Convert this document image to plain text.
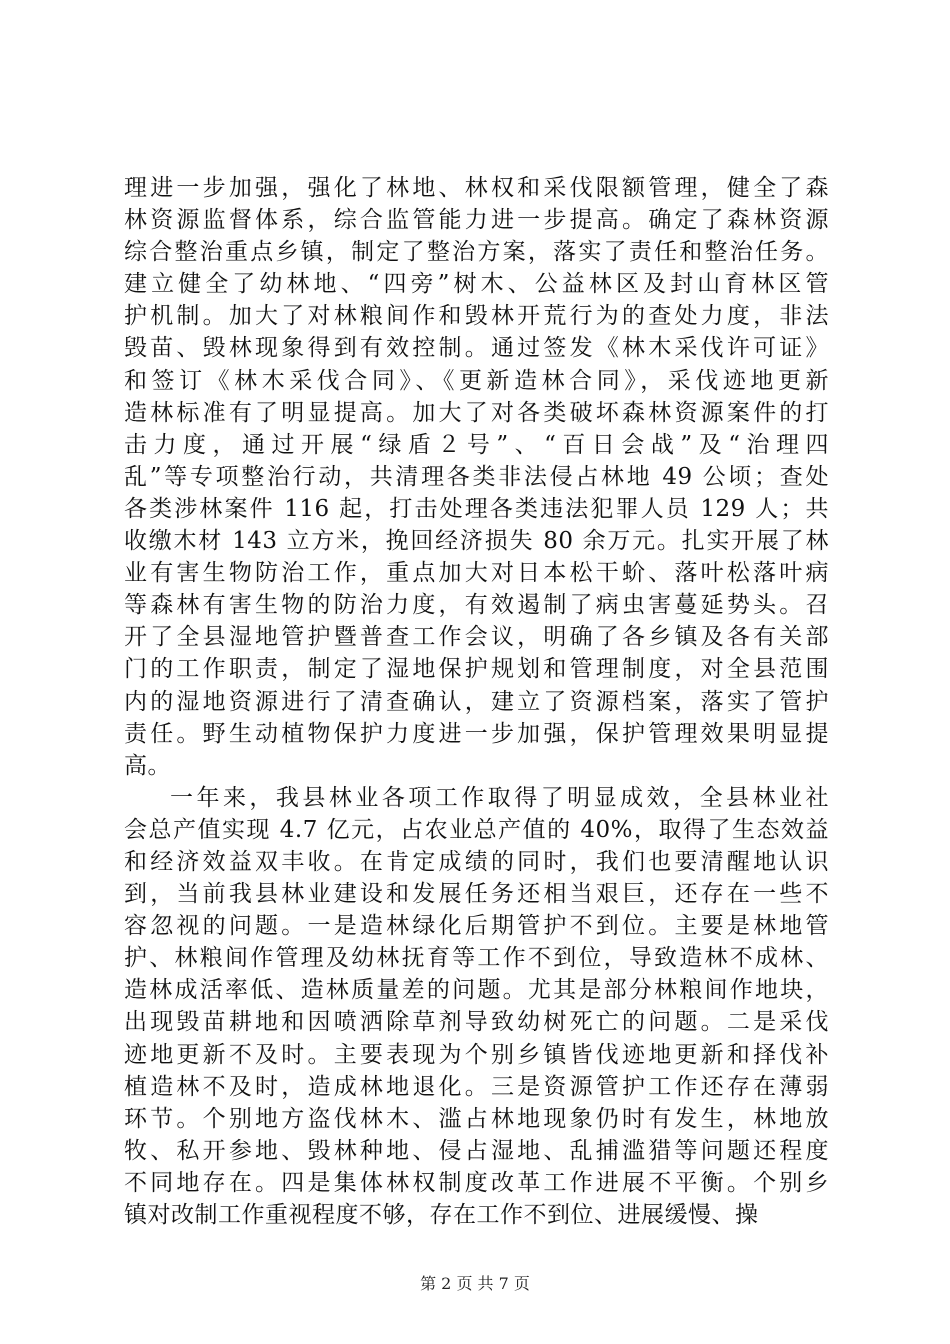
理进一步加强，强化了林地、林权和采伐限额管理，健全了森
林资源监督体系，综合监管能力进一步提高。确定了森林资源
综合整治重点乡镇，制定了整治方案，落实了责任和整治任务。
建立健全了幼林地、“四旁”树木、公益林区及封山育林区管
护机制。加大了对林粮间作和毁林开荒行为的查处力度，非法
毁苗、毁林现象得到有效控制。通过签发《林木采伐许可证》
和签订《林木采伐合同》、《更新造林合同》，采伐迹地更新
造林标准有了明显提高。加大了对各类破坏森林资源案件的打
击力度，通过开展“绿盾２号”、“百日会战”及“治理四
乱”等专项整治行动，共清理各类非法侵占林地 49 公顷；查处
各类涉林案件 116 起，打击处理各类违法犯罪人员 129 人；共
收缴木材 143 立方米，挽回经济损失 80 余万元。扎实开展了林
业有害生物防治工作，重点加大对日本松干蚧、落叶松落叶病
等森林有害生物的防治力度，有效遏制了病虫害蔓延势头。召
开了全县湿地管护暨普查工作会议，明确了各乡镇及各有关部
门的工作职责，制定了湿地保护规划和管理制度，对全县范围
内的湿地资源进行了清查确认，建立了资源档案，落实了管护
责任。野生动植物保护力度进一步加强，保护管理效果明显提
高。
一年来，我县林业各项工作取得了明显成效，全县林业社
会总产值实现 4.7 亿元，占农业总产值的 40%，取得了生态效益
和经济效益双丰收。在肯定成绩的同时，我们也要清醒地认识
到，当前我县林业建设和发展任务还相当艰巨，还存在一些不
容忽视的问题。一是造林绿化后期管护不到位。主要是林地管
护、林粮间作管理及幼林抚育等工作不到位，导致造林不成林、
造林成活率低、造林质量差的问题。尤其是部分林粮间作地块，
出现毁苗耕地和因喷洒除草剂导致幼树死亡的问题。二是采伐
迹地更新不及时。主要表现为个别乡镇皆伐迹地更新和择伐补
植造林不及时，造成林地退化。三是资源管护工作还存在薄弱
环节。个别地方盗伐林木、滥占林地现象仍时有发生，林地放
牧、私开参地、毁林种地、侵占湿地、乱捕滥猎等问题还程度
不同地存在。四是集体林权制度改革工作进展不平衡。个别乡
镇对改制工作重视程度不够，存在工作不到位、进展缓慢、操
第 2 页 共 7 页
